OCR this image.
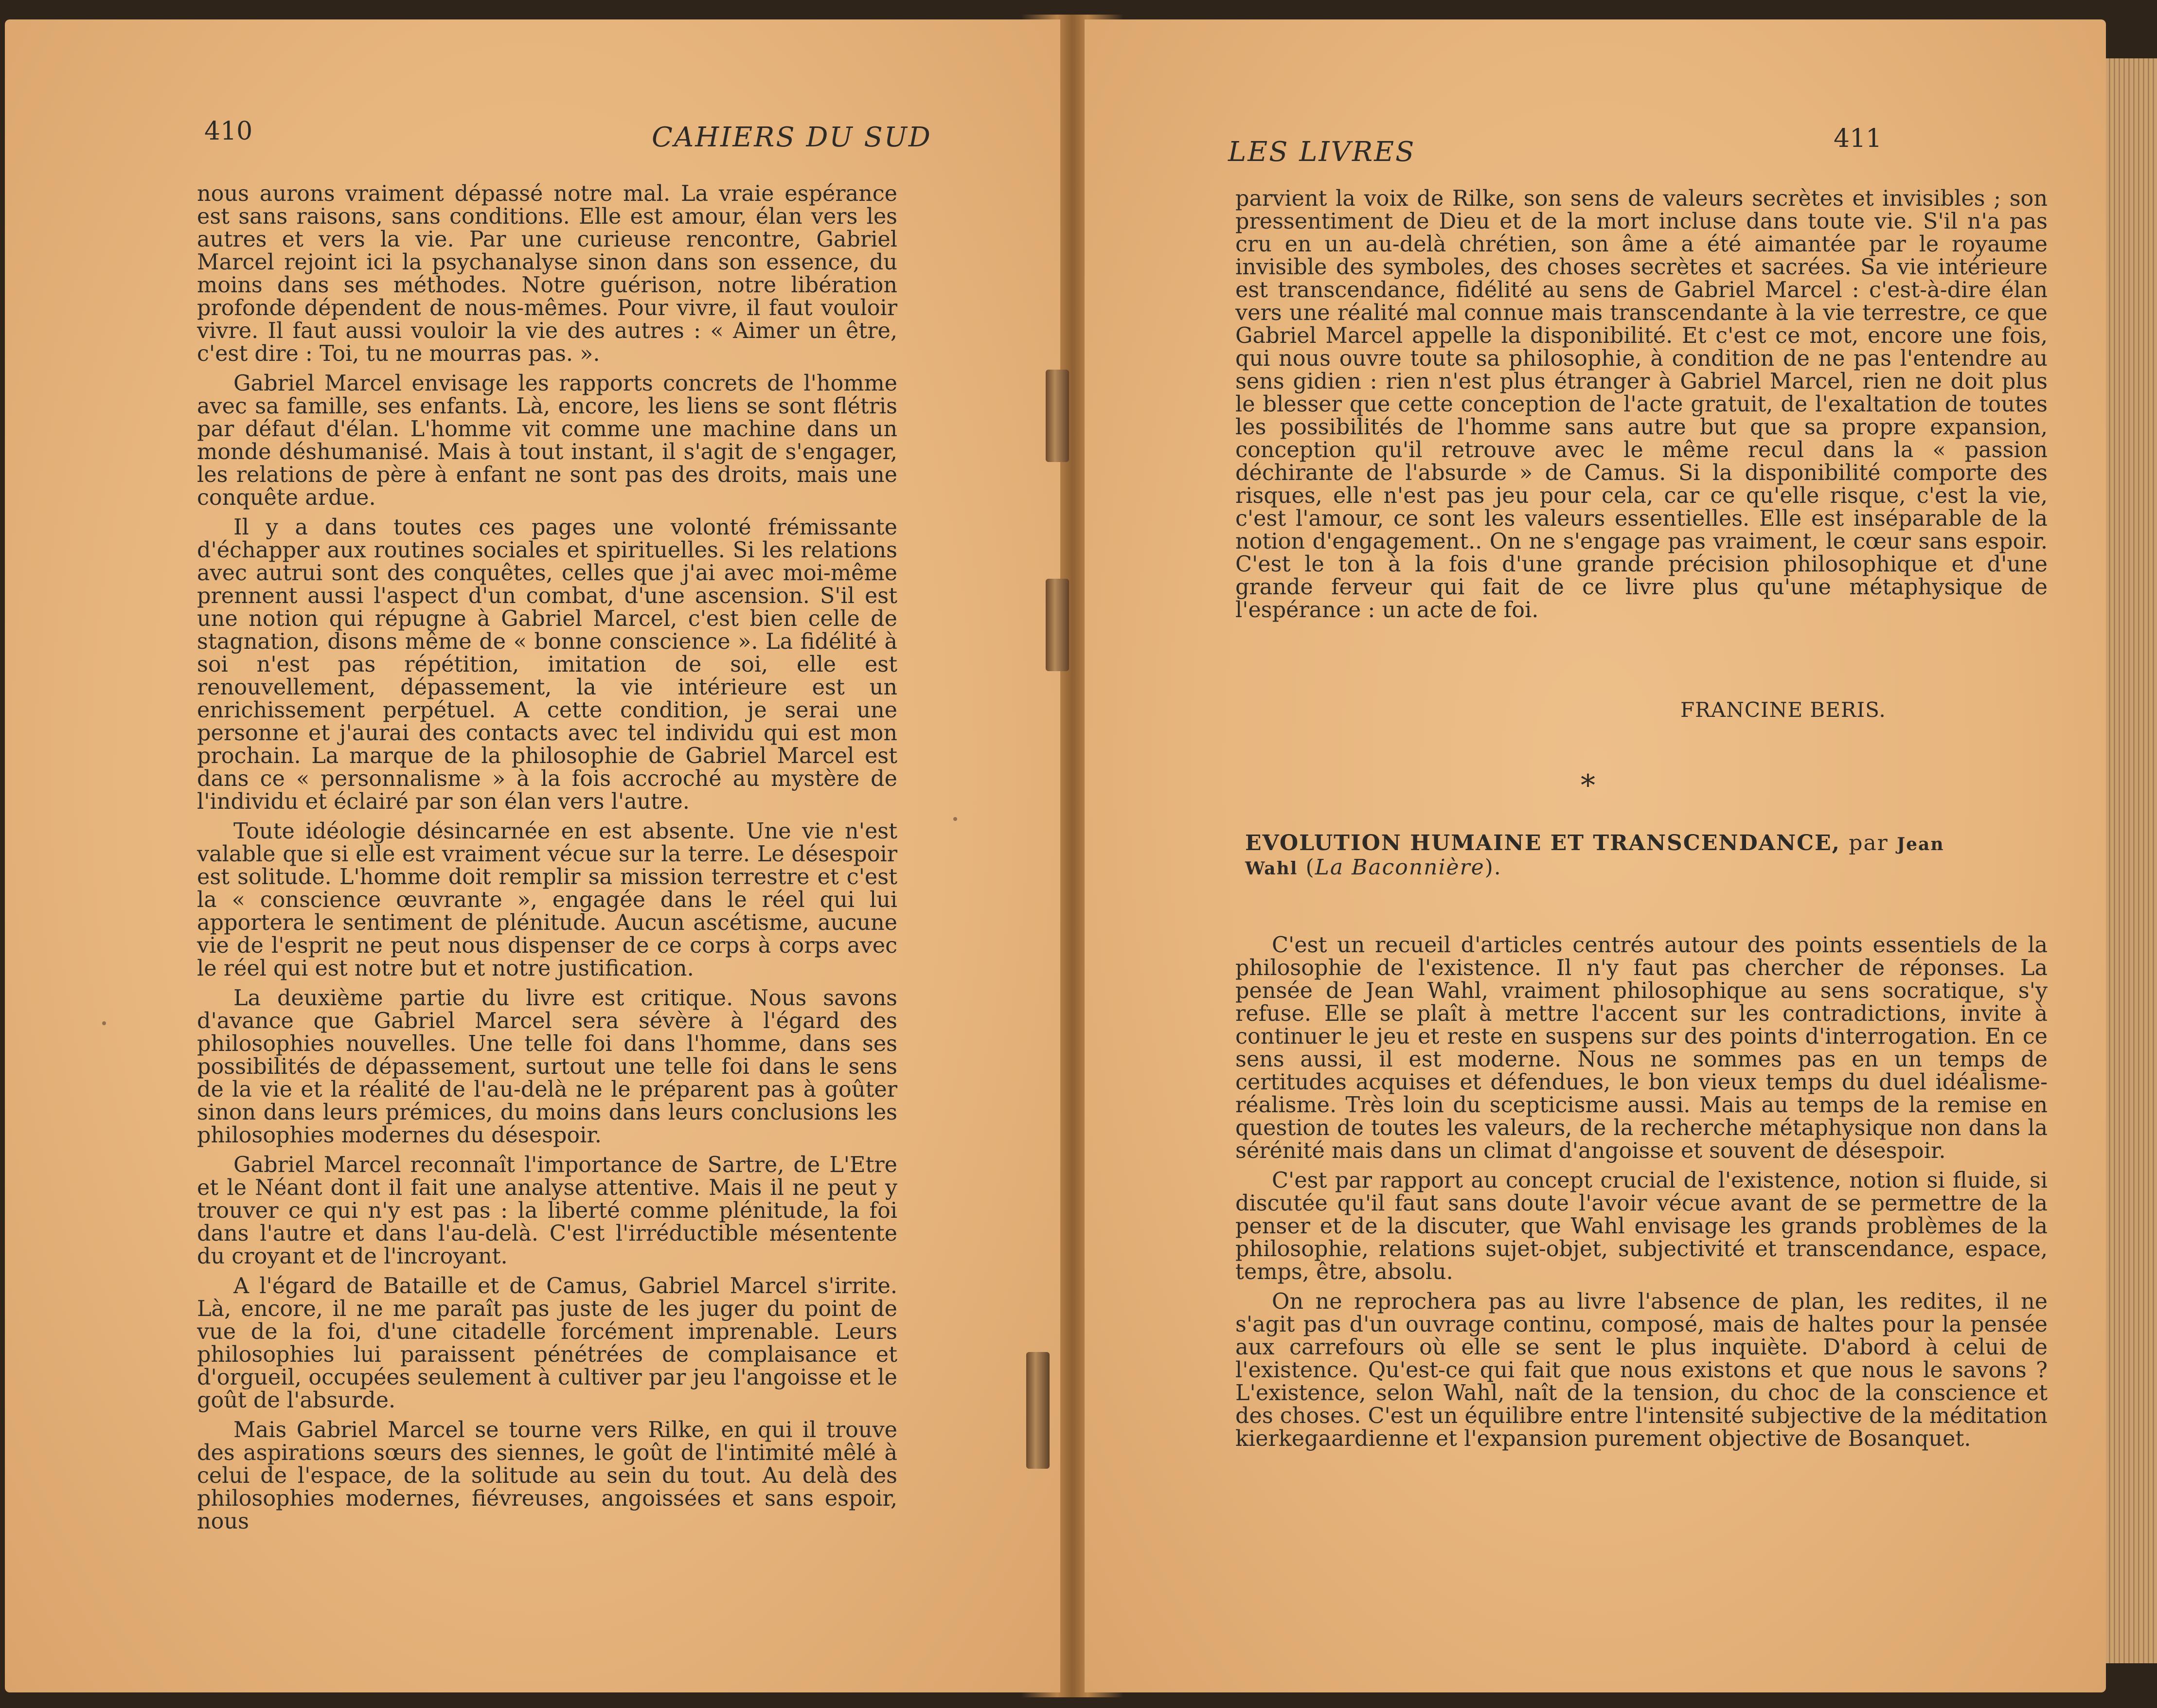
410	CAHIERS DU SUD

nous aurons vraiment dépassé notre mal. La vraie espérance est sans raisons, sans conditions. Elle est amour, élan vers les autres et vers la vie. Par une curieuse rencontre, Gabriel Marcel rejoint ici la psychanalyse sinon dans son essence, du moins dans ses méthodes. Notre guérison, notre libération profonde dépendent de nous-mêmes. Pour vivre, il faut vouloir vivre. Il faut aussi vouloir la vie des autres : « Aimer un être, c'est dire : Toi, tu ne mourras pas. ».

Gabriel Marcel envisage les rapports concrets de l'homme avec sa famille, ses enfants. Là, encore, les liens se sont flétris par défaut d'élan. L'homme vit comme une machine dans un monde déshumanisé. Mais à tout instant, il s'agit de s'engager, les relations de père à enfant ne sont pas des droits, mais une conquête ardue.

Il y a dans toutes ces pages une volonté frémissante d'échapper aux routines sociales et spirituelles. Si les relations avec autrui sont des conquêtes, celles que j'ai avec moi-même prennent aussi l'aspect d'un combat, d'une ascension. S'il est une notion qui répugne à Gabriel Marcel, c'est bien celle de stagnation, disons même de « bonne conscience ». La fidélité à soi n'est pas répétition, imitation de soi, elle est renouvellement, dépassement, la vie intérieure est un enrichissement perpétuel. A cette condition, je serai une personne et j'aurai des contacts avec tel individu qui est mon prochain. La marque de la philosophie de Gabriel Marcel est dans ce « personnalisme » à la fois accroché au mystère de l'individu et éclairé par son élan vers l'autre.

Toute idéologie désincarnée en est absente. Une vie n'est valable que si elle est vraiment vécue sur la terre. Le désespoir est solitude. L'homme doit remplir sa mission terrestre et c'est la « conscience œuvrante », engagée dans le réel qui lui apportera le sentiment de plénitude. Aucun ascétisme, aucune vie de l'esprit ne peut nous dispenser de ce corps à corps avec le réel qui est notre but et notre justification.

La deuxième partie du livre est critique. Nous savons d'avance que Gabriel Marcel sera sévère à l'égard des philosophies nouvelles. Une telle foi dans l'homme, dans ses possibilités de dépassement, surtout une telle foi dans le sens de la vie et la réalité de l'au-delà ne le préparent pas à goûter sinon dans leurs prémices, du moins dans leurs conclusions les philosophies modernes du désespoir.

Gabriel Marcel reconnaît l'importance de Sartre, de L'Etre et le Néant dont il fait une analyse attentive. Mais il ne peut y trouver ce qui n'y est pas : la liberté comme plénitude, la foi dans l'autre et dans l'au-delà. C'est l'irréductible mésentente du croyant et de l'incroyant.

A l'égard de Bataille et de Camus, Gabriel Marcel s'irrite. Là, encore, il ne me paraît pas juste de les juger du point de vue de la foi, d'une citadelle forcément imprenable. Leurs philosophies lui paraissent pénétrées de complaisance et d'orgueil, occupées seulement à cultiver par jeu l'angoisse et le goût de l'absurde.

Mais Gabriel Marcel se tourne vers Rilke, en qui il trouve des aspirations sœurs des siennes, le goût de l'intimité mêlé à celui de l'espace, de la solitude au sein du tout. Au delà des philosophies modernes, fiévreuses, angoissées et sans espoir, nous

LES LIVRES	411

parvient la voix de Rilke, son sens de valeurs secrètes et invisibles ; son pressentiment de Dieu et de la mort incluse dans toute vie. S'il n'a pas cru en un au-delà chrétien, son âme a été aimantée par le royaume invisible des symboles, des choses secrètes et sacrées. Sa vie intérieure est transcendance, fidélité au sens de Gabriel Marcel : c'est-à-dire élan vers une réalité mal connue mais transcendante à la vie terrestre, ce que Gabriel Marcel appelle la disponibilité. Et c'est ce mot, encore une fois, qui nous ouvre toute sa philosophie, à condition de ne pas l'entendre au sens gidien : rien n'est plus étranger à Gabriel Marcel, rien ne doit plus le blesser que cette conception de l'acte gratuit, de l'exaltation de toutes les possibilités de l'homme sans autre but que sa propre expansion, conception qu'il retrouve avec le même recul dans la « passion déchirante de l'absurde » de Camus. Si la disponibilité comporte des risques, elle n'est pas jeu pour cela, car ce qu'elle risque, c'est la vie, c'est l'amour, ce sont les valeurs essentielles. Elle est inséparable de la notion d'engagement.. On ne s'engage pas vraiment, le cœur sans espoir. C'est le ton à la fois d'une grande précision philosophique et d'une grande ferveur qui fait de ce livre plus qu'une métaphysique de l'espérance : un acte de foi.

FRANCINE BERIS.
*
EVOLUTION HUMAINE ET TRANSCENDANCE, par Jean
Wahl (La Baconnière).

C'est un recueil d'articles centrés autour des points essentiels de la philosophie de l'existence. Il n'y faut pas chercher de réponses. La pensée de Jean Wahl, vraiment philosophique au sens socratique, s'y refuse. Elle se plaît à mettre l'accent sur les contradictions, invite à continuer le jeu et reste en suspens sur des points d'interrogation. En ce sens aussi, il est moderne. Nous ne sommes pas en un temps de certitudes acquises et défendues, le bon vieux temps du duel idéalisme-réalisme. Très loin du scepticisme aussi. Mais au temps de la remise en question de toutes les valeurs, de la recherche métaphysique non dans la sérénité mais dans un climat d'angoisse et souvent de désespoir.

C'est par rapport au concept crucial de l'existence, notion si fluide, si discutée qu'il faut sans doute l'avoir vécue avant de se permettre de la penser et de la discuter, que Wahl envisage les grands problèmes de la philosophie, relations sujet-objet, subjectivité et transcendance, espace, temps, être, absolu.

On ne reprochera pas au livre l'absence de plan, les redites, il ne s'agit pas d'un ouvrage continu, composé, mais de haltes pour la pensée aux carrefours où elle se sent le plus inquiète. D'abord à celui de l'existence. Qu'est-ce qui fait que nous existons et que nous le savons ? L'existence, selon Wahl, naît de la tension, du choc de la conscience et des choses. C'est un équilibre entre l'intensité subjective de la méditation kierkegaardienne et l'expansion purement objective de Bosanquet.
